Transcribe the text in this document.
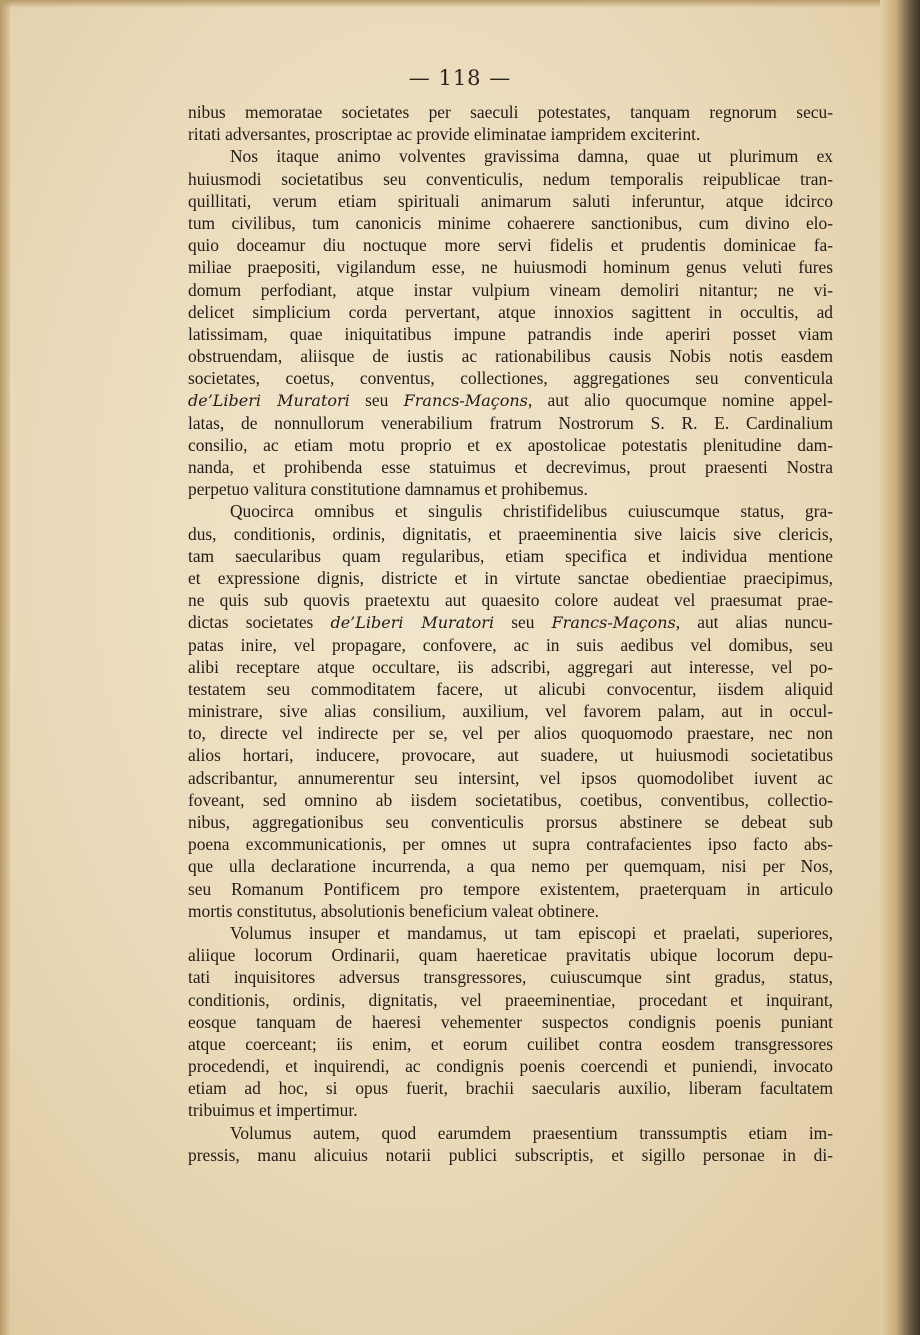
— 118 —
nibus memoratae societates per saeculi potestates, tanquam regnorum secu-
ritati adversantes, proscriptae ac provide eliminatae iampridem exciterint.
Nos itaque animo volventes gravissima damna, quae ut plurimum ex
huiusmodi societatibus seu conventiculis, nedum temporalis reipublicae tran-
quillitati, verum etiam spirituali animarum saluti inferuntur, atque idcirco
tum civilibus, tum canonicis minime cohaerere sanctionibus, cum divino elo-
quio doceamur diu noctuque more servi fidelis et prudentis dominicae fa-
miliae praepositi, vigilandum esse, ne huiusmodi hominum genus veluti fures
domum perfodiant, atque instar vulpium vineam demoliri nitantur; ne vi-
delicet simplicium corda pervertant, atque innoxios sagittent in occultis, ad
latissimam, quae iniquitatibus impune patrandis inde aperiri posset viam
obstruendam, aliisque de iustis ac rationabilibus causis Nobis notis easdem
societates, coetus, conventus, collectiones, aggregationes seu conventicula
de’Liberi Muratori seu Francs-Maçons, aut alio quocumque nomine appel-
latas, de nonnullorum venerabilium fratrum Nostrorum S. R. E. Cardinalium
consilio, ac etiam motu proprio et ex apostolicae potestatis plenitudine dam-
nanda, et prohibenda esse statuimus et decrevimus, prout praesenti Nostra
perpetuo valitura constitutione damnamus et prohibemus.
Quocirca omnibus et singulis christifidelibus cuiuscumque status, gra-
dus, conditionis, ordinis, dignitatis, et praeeminentia sive laicis sive clericis,
tam saecularibus quam regularibus, etiam specifica et individua mentione
et expressione dignis, districte et in virtute sanctae obedientiae praecipimus,
ne quis sub quovis praetextu aut quaesito colore audeat vel praesumat prae-
dictas societates de’Liberi Muratori seu Francs-Maçons, aut alias nuncu-
patas inire, vel propagare, confovere, ac in suis aedibus vel domibus, seu
alibi receptare atque occultare, iis adscribi, aggregari aut interesse, vel po-
testatem seu commoditatem facere, ut alicubi convocentur, iisdem aliquid
ministrare, sive alias consilium, auxilium, vel favorem palam, aut in occul-
to, directe vel indirecte per se, vel per alios quoquomodo praestare, nec non
alios hortari, inducere, provocare, aut suadere, ut huiusmodi societatibus
adscribantur, annumerentur seu intersint, vel ipsos quomodolibet iuvent ac
foveant, sed omnino ab iisdem societatibus, coetibus, conventibus, collectio-
nibus, aggregationibus seu conventiculis prorsus abstinere se debeat sub
poena excommunicationis, per omnes ut supra contrafacientes ipso facto abs-
que ulla declaratione incurrenda, a qua nemo per quemquam, nisi per Nos,
seu Romanum Pontificem pro tempore existentem, praeterquam in articulo
mortis constitutus, absolutionis beneficium valeat obtinere.
Volumus insuper et mandamus, ut tam episcopi et praelati, superiores,
aliique locorum Ordinarii, quam haereticae pravitatis ubique locorum depu-
tati inquisitores adversus transgressores, cuiuscumque sint gradus, status,
conditionis, ordinis, dignitatis, vel praeeminentiae, procedant et inquirant,
eosque tanquam de haeresi vehementer suspectos condignis poenis puniant
atque coerceant; iis enim, et eorum cuilibet contra eosdem transgressores
procedendi, et inquirendi, ac condignis poenis coercendi et puniendi, invocato
etiam ad hoc, si opus fuerit, brachii saecularis auxilio, liberam facultatem
tribuimus et impertimur.
Volumus autem, quod earumdem praesentium transsumptis etiam im-
pressis, manu alicuius notarii publici subscriptis, et sigillo personae in di-
